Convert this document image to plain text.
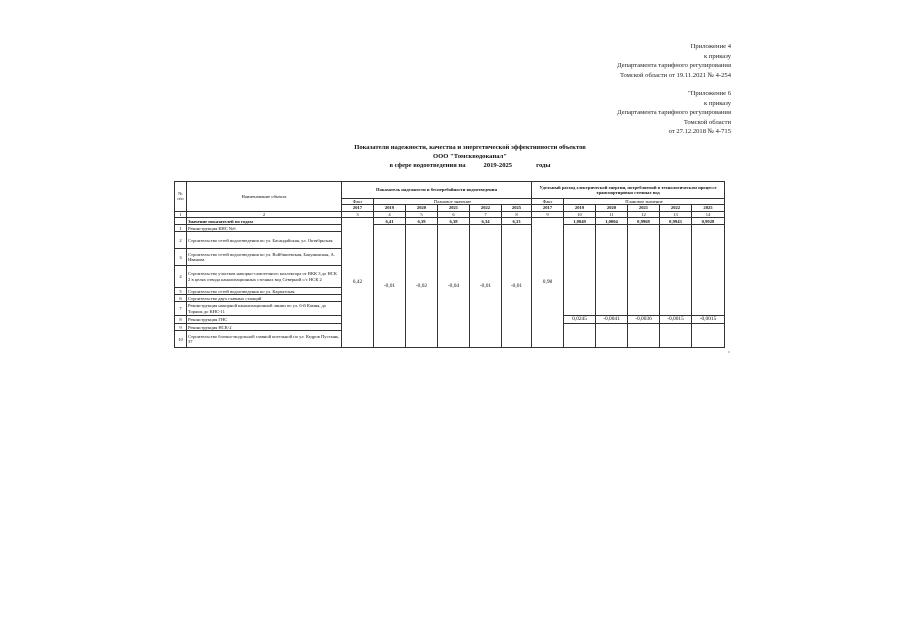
Приложение 4
к приказу
Департамента тарифного регулирования
Томской области от 19.11.2021 № 4-254
"Приложение 6
к приказу
Департамента тарифного регулирования
Томской области
от 27.12.2018 № 4-715
Показатели надежности, качества и энергетической эффективности объектов
ООО "Томскводоканал"
в сфере водоотведения на	2019-2025	годы
№ п/п	Наименование объекта	Показатель надежности и бесперебойности водоотведения						Удельный расход электрической энергии, потребляемой в технологическом процессе транспортировки сточных вод					
		Факт	Плановое значение					Факт	Плановое значение				
		2017	2019	2020	2021	2022	2025	2017	2019	2020	2021	2022	2025
1	2	3	4	5	6	7	8	9	10	11	12	13	14
	Значение показателей по годам	6,42	6,41	6,39	6,38	6,34	6,33	0,98	1,0049	1,0004	0,9968	0,9943	0,9928
1	Реконструкция КНС №6		-0,01	-0,02	-0,04	-0,01	-0,01						
2	Строительство сетей водоотведения по ул. Басандайская, ул. Октябрьская												
3	Строительство сетей водоотведения по ул. Войбишевская, Бакунинская, А. Иванова												
4	Строительство участков напорно-самотечного коллектора от ВКК 3 до НСК 2 в целях отвода канализационных сточных вод Северной с/с НСК 2												
5	Строительство сетей водоотведения по ул. Карпатская												
6	Строительство двух главных станций												
7	Реконструкция напорной канализационной линии по ул. 6-й Камня, до Торжок до КНС-11												
8	Реконструкция ГНС								0,0245	-0,0041	-0,0036	-0,0015	-0,0015
9	Реконструкция НСК-2												
10	Строительство блочно-модульной главной котельной по ул. Кедров Пустынь, 37												
"
